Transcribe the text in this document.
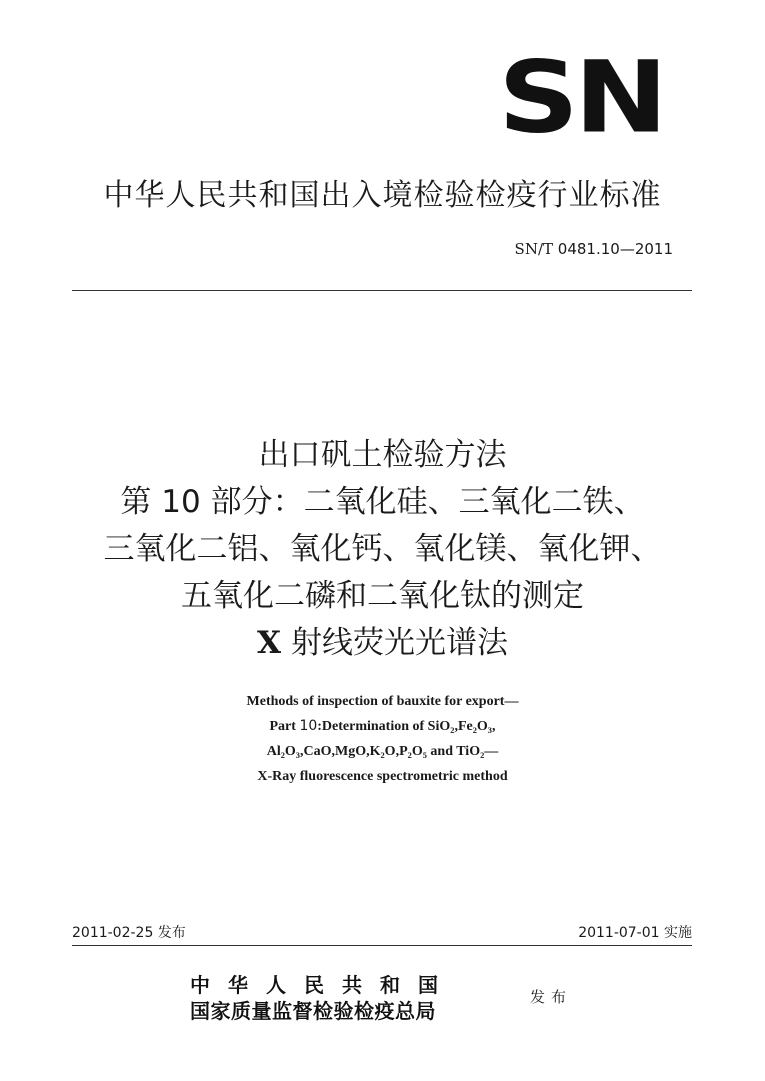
SN
中华人民共和国出入境检验检疫行业标准
SN/T 0481.10—2011
出口矾土检验方法
第 10 部分：二氧化硅、三氧化二铁、
三氧化二铝、氧化钙、氧化镁、氧化钾、
五氧化二磷和二氧化钛的测定
X 射线荧光光谱法
Methods of inspection of bauxite for export—
Part 10:Determination of SiO₂,Fe₂O₃,
Al₂O₃,CaO,MgO,K₂O,P₂O₅ and TiO₂—
X-Ray fluorescence spectrometric method
2011-02-25 发布	2011-07-01 实施
中华人民共和国
国家质量监督检验检疫总局
发布
